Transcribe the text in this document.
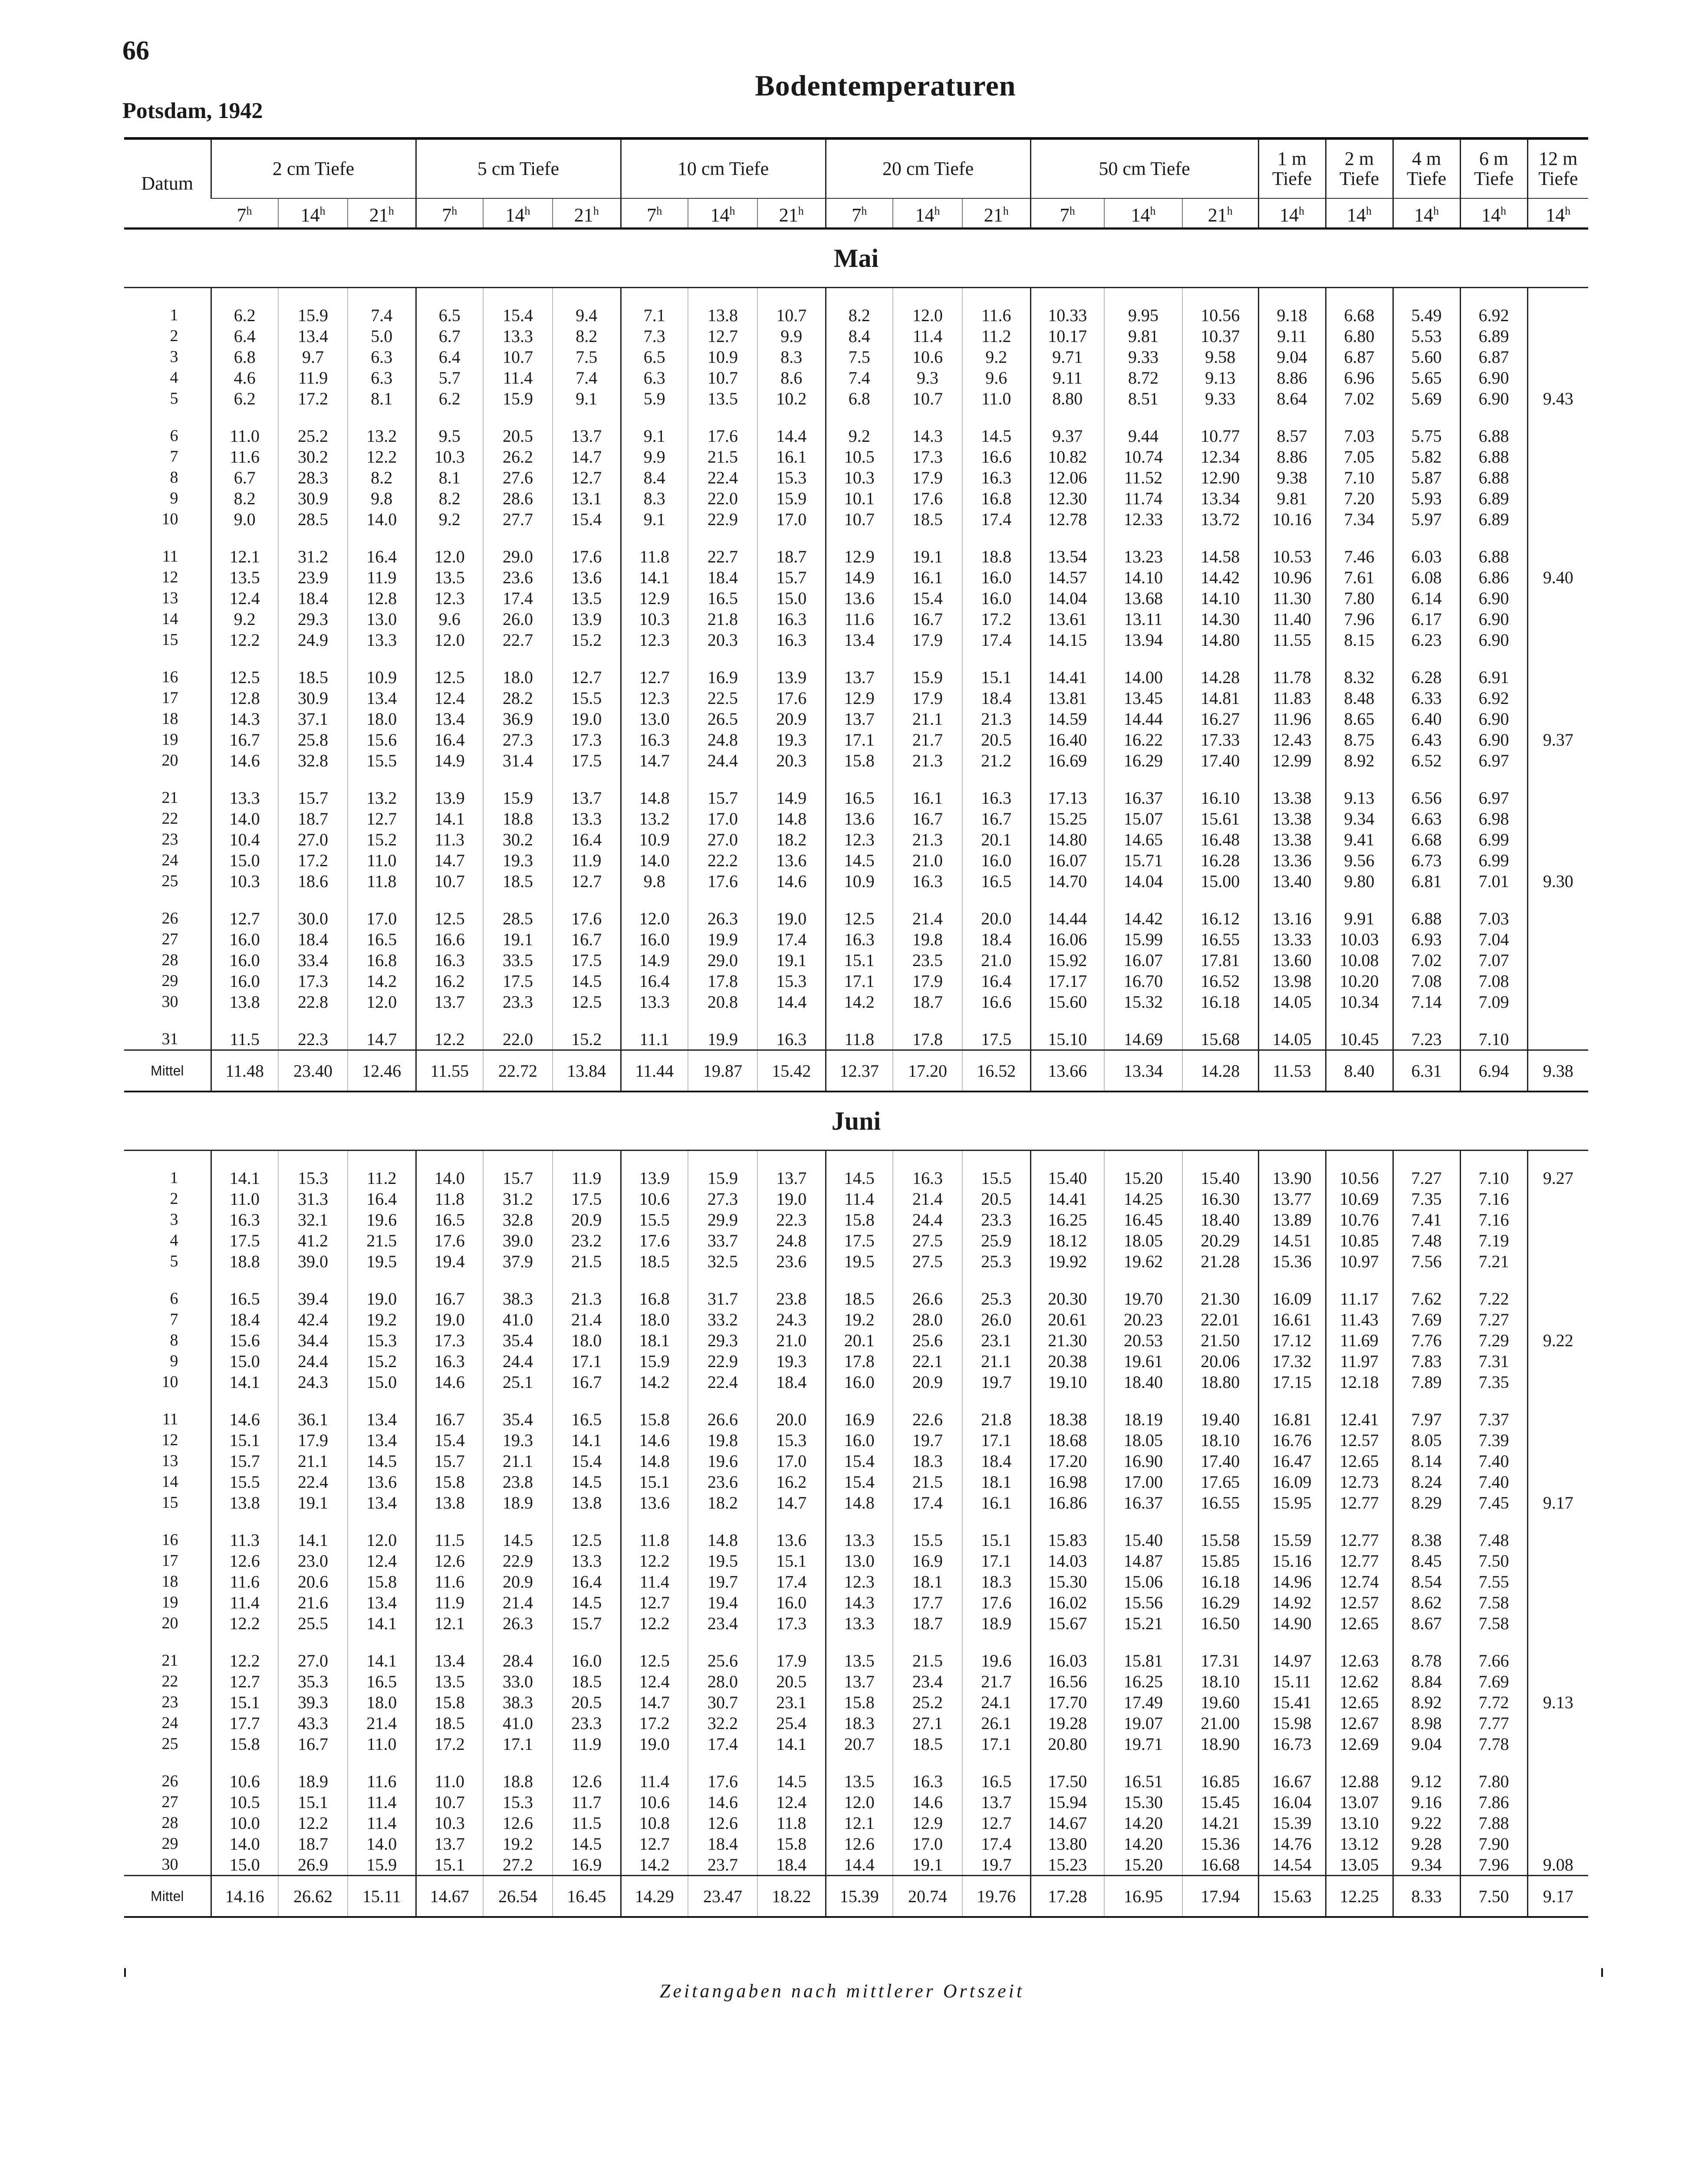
66
Bodentemperaturen
Potsdam, 1942
Datum	2 cm Tiefe			5 cm Tiefe			10 cm Tiefe			20 cm Tiefe			50 cm Tiefe			1 m Tiefe	2 m Tiefe	4 m Tiefe	6 m Tiefe	12 m Tiefe
	7$^h$	14$^h$	21$^h$	7$^h$	14$^h$	21$^h$	7$^h$	14$^h$	21$^h$	7$^h$	14$^h$	21$^h$	7$^h$	14$^h$	21$^h$	14$^h$	14$^h$	14$^h$	14$^h$	14$^h$
Mai																				
1	6.2	15.9	7.4	6.5	15.4	9.4	7.1	13.8	10.7	8.2	12.0	11.6	10.33	9.95	10.56	9.18	6.68	5.49	6.92	
2	6.4	13.4	5.0	6.7	13.3	8.2	7.3	12.7	9.9	8.4	11.4	11.2	10.17	9.81	10.37	9.11	6.80	5.53	6.89	
3	6.8	9.7	6.3	6.4	10.7	7.5	6.5	10.9	8.3	7.5	10.6	9.2	9.71	9.33	9.58	9.04	6.87	5.60	6.87	
4	4.6	11.9	6.3	5.7	11.4	7.4	6.3	10.7	8.6	7.4	9.3	9.6	9.11	8.72	9.13	8.86	6.96	5.65	6.90	
5	6.2	17.2	8.1	6.2	15.9	9.1	5.9	13.5	10.2	6.8	10.7	11.0	8.80	8.51	9.33	8.64	7.02	5.69	6.90	9.43
6	11.0	25.2	13.2	9.5	20.5	13.7	9.1	17.6	14.4	9.2	14.3	14.5	9.37	9.44	10.77	8.57	7.03	5.75	6.88	
7	11.6	30.2	12.2	10.3	26.2	14.7	9.9	21.5	16.1	10.5	17.3	16.6	10.82	10.74	12.34	8.86	7.05	5.82	6.88	
8	6.7	28.3	8.2	8.1	27.6	12.7	8.4	22.4	15.3	10.3	17.9	16.3	12.06	11.52	12.90	9.38	7.10	5.87	6.88	
9	8.2	30.9	9.8	8.2	28.6	13.1	8.3	22.0	15.9	10.1	17.6	16.8	12.30	11.74	13.34	9.81	7.20	5.93	6.89	
10	9.0	28.5	14.0	9.2	27.7	15.4	9.1	22.9	17.0	10.7	18.5	17.4	12.78	12.33	13.72	10.16	7.34	5.97	6.89	
11	12.1	31.2	16.4	12.0	29.0	17.6	11.8	22.7	18.7	12.9	19.1	18.8	13.54	13.23	14.58	10.53	7.46	6.03	6.88	
12	13.5	23.9	11.9	13.5	23.6	13.6	14.1	18.4	15.7	14.9	16.1	16.0	14.57	14.10	14.42	10.96	7.61	6.08	6.86	9.40
13	12.4	18.4	12.8	12.3	17.4	13.5	12.9	16.5	15.0	13.6	15.4	16.0	14.04	13.68	14.10	11.30	7.80	6.14	6.90	
14	9.2	29.3	13.0	9.6	26.0	13.9	10.3	21.8	16.3	11.6	16.7	17.2	13.61	13.11	14.30	11.40	7.96	6.17	6.90	
15	12.2	24.9	13.3	12.0	22.7	15.2	12.3	20.3	16.3	13.4	17.9	17.4	14.15	13.94	14.80	11.55	8.15	6.23	6.90	
16	12.5	18.5	10.9	12.5	18.0	12.7	12.7	16.9	13.9	13.7	15.9	15.1	14.41	14.00	14.28	11.78	8.32	6.28	6.91	
17	12.8	30.9	13.4	12.4	28.2	15.5	12.3	22.5	17.6	12.9	17.9	18.4	13.81	13.45	14.81	11.83	8.48	6.33	6.92	
18	14.3	37.1	18.0	13.4	36.9	19.0	13.0	26.5	20.9	13.7	21.1	21.3	14.59	14.44	16.27	11.96	8.65	6.40	6.90	
19	16.7	25.8	15.6	16.4	27.3	17.3	16.3	24.8	19.3	17.1	21.7	20.5	16.40	16.22	17.33	12.43	8.75	6.43	6.90	9.37
20	14.6	32.8	15.5	14.9	31.4	17.5	14.7	24.4	20.3	15.8	21.3	21.2	16.69	16.29	17.40	12.99	8.92	6.52	6.97	
21	13.3	15.7	13.2	13.9	15.9	13.7	14.8	15.7	14.9	16.5	16.1	16.3	17.13	16.37	16.10	13.38	9.13	6.56	6.97	
22	14.0	18.7	12.7	14.1	18.8	13.3	13.2	17.0	14.8	13.6	16.7	16.7	15.25	15.07	15.61	13.38	9.34	6.63	6.98	
23	10.4	27.0	15.2	11.3	30.2	16.4	10.9	27.0	18.2	12.3	21.3	20.1	14.80	14.65	16.48	13.38	9.41	6.68	6.99	
24	15.0	17.2	11.0	14.7	19.3	11.9	14.0	22.2	13.6	14.5	21.0	16.0	16.07	15.71	16.28	13.36	9.56	6.73	6.99	
25	10.3	18.6	11.8	10.7	18.5	12.7	9.8	17.6	14.6	10.9	16.3	16.5	14.70	14.04	15.00	13.40	9.80	6.81	7.01	9.30
26	12.7	30.0	17.0	12.5	28.5	17.6	12.0	26.3	19.0	12.5	21.4	20.0	14.44	14.42	16.12	13.16	9.91	6.88	7.03	
27	16.0	18.4	16.5	16.6	19.1	16.7	16.0	19.9	17.4	16.3	19.8	18.4	16.06	15.99	16.55	13.33	10.03	6.93	7.04	
28	16.0	33.4	16.8	16.3	33.5	17.5	14.9	29.0	19.1	15.1	23.5	21.0	15.92	16.07	17.81	13.60	10.08	7.02	7.07	
29	16.0	17.3	14.2	16.2	17.5	14.5	16.4	17.8	15.3	17.1	17.9	16.4	17.17	16.70	16.52	13.98	10.20	7.08	7.08	
30	13.8	22.8	12.0	13.7	23.3	12.5	13.3	20.8	14.4	14.2	18.7	16.6	15.60	15.32	16.18	14.05	10.34	7.14	7.09	
31	11.5	22.3	14.7	12.2	22.0	15.2	11.1	19.9	16.3	11.8	17.8	17.5	15.10	14.69	15.68	14.05	10.45	7.23	7.10	
Mittel	11.48	23.40	12.46	11.55	22.72	13.84	11.44	19.87	15.42	12.37	17.20	16.52	13.66	13.34	14.28	11.53	8.40	6.31	6.94	9.38
Juni																				
1	14.1	15.3	11.2	14.0	15.7	11.9	13.9	15.9	13.7	14.5	16.3	15.5	15.40	15.20	15.40	13.90	10.56	7.27	7.10	9.27
2	11.0	31.3	16.4	11.8	31.2	17.5	10.6	27.3	19.0	11.4	21.4	20.5	14.41	14.25	16.30	13.77	10.69	7.35	7.16	
3	16.3	32.1	19.6	16.5	32.8	20.9	15.5	29.9	22.3	15.8	24.4	23.3	16.25	16.45	18.40	13.89	10.76	7.41	7.16	
4	17.5	41.2	21.5	17.6	39.0	23.2	17.6	33.7	24.8	17.5	27.5	25.9	18.12	18.05	20.29	14.51	10.85	7.48	7.19	
5	18.8	39.0	19.5	19.4	37.9	21.5	18.5	32.5	23.6	19.5	27.5	25.3	19.92	19.62	21.28	15.36	10.97	7.56	7.21	
6	16.5	39.4	19.0	16.7	38.3	21.3	16.8	31.7	23.8	18.5	26.6	25.3	20.30	19.70	21.30	16.09	11.17	7.62	7.22	
7	18.4	42.4	19.2	19.0	41.0	21.4	18.0	33.2	24.3	19.2	28.0	26.0	20.61	20.23	22.01	16.61	11.43	7.69	7.27	
8	15.6	34.4	15.3	17.3	35.4	18.0	18.1	29.3	21.0	20.1	25.6	23.1	21.30	20.53	21.50	17.12	11.69	7.76	7.29	9.22
9	15.0	24.4	15.2	16.3	24.4	17.1	15.9	22.9	19.3	17.8	22.1	21.1	20.38	19.61	20.06	17.32	11.97	7.83	7.31	
10	14.1	24.3	15.0	14.6	25.1	16.7	14.2	22.4	18.4	16.0	20.9	19.7	19.10	18.40	18.80	17.15	12.18	7.89	7.35	
11	14.6	36.1	13.4	16.7	35.4	16.5	15.8	26.6	20.0	16.9	22.6	21.8	18.38	18.19	19.40	16.81	12.41	7.97	7.37	
12	15.1	17.9	13.4	15.4	19.3	14.1	14.6	19.8	15.3	16.0	19.7	17.1	18.68	18.05	18.10	16.76	12.57	8.05	7.39	
13	15.7	21.1	14.5	15.7	21.1	15.4	14.8	19.6	17.0	15.4	18.3	18.4	17.20	16.90	17.40	16.47	12.65	8.14	7.40	
14	15.5	22.4	13.6	15.8	23.8	14.5	15.1	23.6	16.2	15.4	21.5	18.1	16.98	17.00	17.65	16.09	12.73	8.24	7.40	
15	13.8	19.1	13.4	13.8	18.9	13.8	13.6	18.2	14.7	14.8	17.4	16.1	16.86	16.37	16.55	15.95	12.77	8.29	7.45	9.17
16	11.3	14.1	12.0	11.5	14.5	12.5	11.8	14.8	13.6	13.3	15.5	15.1	15.83	15.40	15.58	15.59	12.77	8.38	7.48	
17	12.6	23.0	12.4	12.6	22.9	13.3	12.2	19.5	15.1	13.0	16.9	17.1	14.03	14.87	15.85	15.16	12.77	8.45	7.50	
18	11.6	20.6	15.8	11.6	20.9	16.4	11.4	19.7	17.4	12.3	18.1	18.3	15.30	15.06	16.18	14.96	12.74	8.54	7.55	
19	11.4	21.6	13.4	11.9	21.4	14.5	12.7	19.4	16.0	14.3	17.7	17.6	16.02	15.56	16.29	14.92	12.57	8.62	7.58	
20	12.2	25.5	14.1	12.1	26.3	15.7	12.2	23.4	17.3	13.3	18.7	18.9	15.67	15.21	16.50	14.90	12.65	8.67	7.58	
21	12.2	27.0	14.1	13.4	28.4	16.0	12.5	25.6	17.9	13.5	21.5	19.6	16.03	15.81	17.31	14.97	12.63	8.78	7.66	
22	12.7	35.3	16.5	13.5	33.0	18.5	12.4	28.0	20.5	13.7	23.4	21.7	16.56	16.25	18.10	15.11	12.62	8.84	7.69	
23	15.1	39.3	18.0	15.8	38.3	20.5	14.7	30.7	23.1	15.8	25.2	24.1	17.70	17.49	19.60	15.41	12.65	8.92	7.72	9.13
24	17.7	43.3	21.4	18.5	41.0	23.3	17.2	32.2	25.4	18.3	27.1	26.1	19.28	19.07	21.00	15.98	12.67	8.98	7.77	
25	15.8	16.7	11.0	17.2	17.1	11.9	19.0	17.4	14.1	20.7	18.5	17.1	20.80	19.71	18.90	16.73	12.69	9.04	7.78	
26	10.6	18.9	11.6	11.0	18.8	12.6	11.4	17.6	14.5	13.5	16.3	16.5	17.50	16.51	16.85	16.67	12.88	9.12	7.80	
27	10.5	15.1	11.4	10.7	15.3	11.7	10.6	14.6	12.4	12.0	14.6	13.7	15.94	15.30	15.45	16.04	13.07	9.16	7.86	
28	10.0	12.2	11.4	10.3	12.6	11.5	10.8	12.6	11.8	12.1	12.9	12.7	14.67	14.20	14.21	15.39	13.10	9.22	7.88	
29	14.0	18.7	14.0	13.7	19.2	14.5	12.7	18.4	15.8	12.6	17.0	17.4	13.80	14.20	15.36	14.76	13.12	9.28	7.90	
30	15.0	26.9	15.9	15.1	27.2	16.9	14.2	23.7	18.4	14.4	19.1	19.7	15.23	15.20	16.68	14.54	13.05	9.34	7.96	9.08
Mittel	14.16	26.62	15.11	14.67	26.54	16.45	14.29	23.47	18.22	15.39	20.74	19.76	17.28	16.95	17.94	15.63	12.25	8.33	7.50	9.17
Zeitangaben nach mittlerer Ortszeit
